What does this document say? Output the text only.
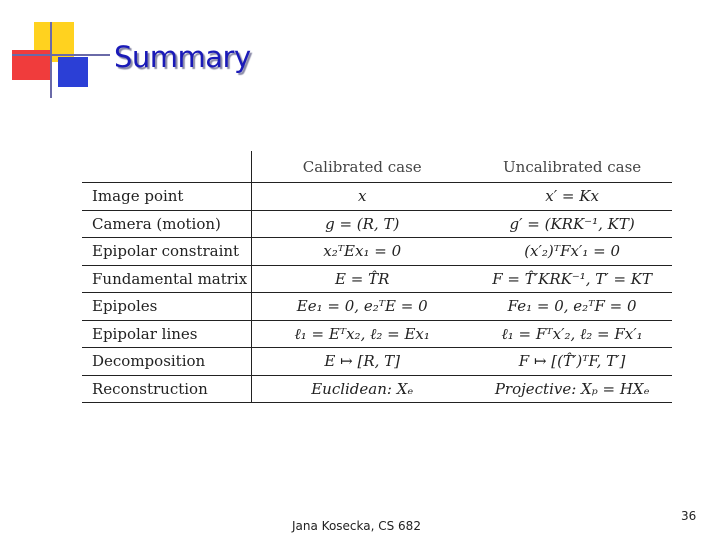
Summary
	Calibrated case	Uncalibrated case
Image point	x	x′ = Kx
Camera (motion)	g = (R, T)	g′ = (KRK⁻¹, KT)
Epipolar constraint	x₂ᵀEx₁ = 0	(x′₂)ᵀFx′₁ = 0
Fundamental matrix	E = T̂R	F = T̂′KRK⁻¹, T′ = KT
Epipoles	Ee₁ = 0, e₂ᵀE = 0	Fe₁ = 0, e₂ᵀF = 0
Epipolar lines	ℓ₁ = Eᵀx₂, ℓ₂ = Ex₁	ℓ₁ = Fᵀx′₂, ℓ₂ = Fx′₁
Decomposition	E ↦ [R, T]	F ↦ [(T̂′)ᵀF, T′]
Reconstruction	Euclidean: Xₑ	Projective: Xₚ = HXₑ
Jana Kosecka, CS 682
36
